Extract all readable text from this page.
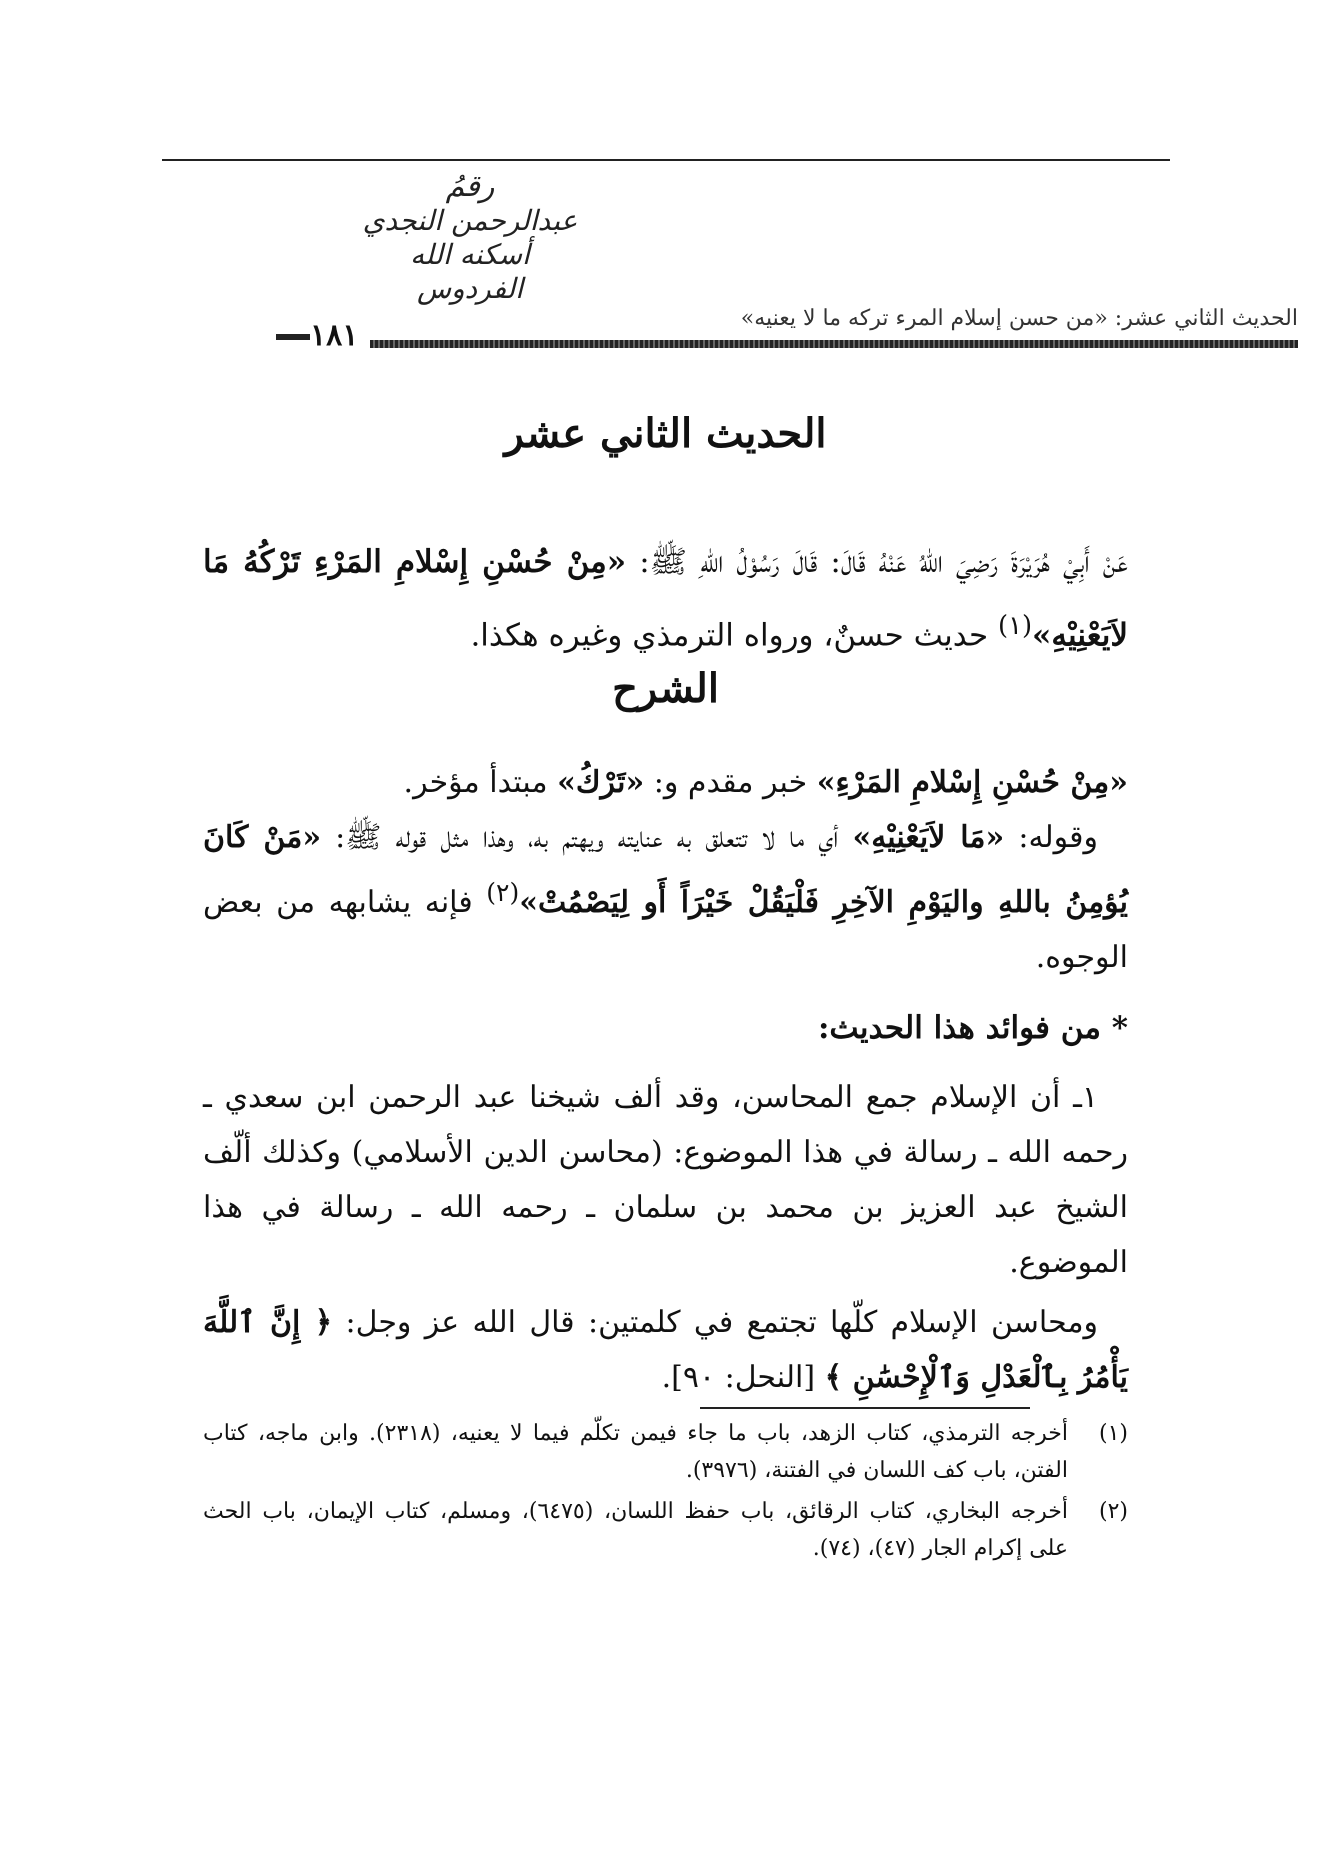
رقمُ
عبدالرحمن النجدي
أسكنه الله الفردوس
الحديث الثاني عشر: «من حسن إسلام المرء تركه ما لا يعنيه»
١٨١
الحديث الثاني عشر
عَنْ أَبِيْ هُرَيْرَةَ رَضِيَ اللهُ عَنْهُ قَالَ: قَالَ رَسُوْلُ اللهِ ﷺ: «مِنْ حُسْنِ إِسْلامِ المَرْءِ تَرْكُهُ مَا لاَيَعْنِيْهِ»$^{(١)}$ حديث حسنٌ، ورواه الترمذي وغيره هكذا.
الشرح
«مِنْ حُسْنِ إِسْلامِ المَرْءِ» خبر مقدم و: «تَرْكُ» مبتدأ مؤخر.
 وقوله: «مَا لاَيَعْنِيْهِ» أي ما لا تتعلق به عنايته ويهتم به، وهذا مثل قوله ﷺ: «مَنْ كَانَ يُؤمِنُ باللهِ واليَوْمِ الآخِرِ فَلْيَقُلْ خَيْرَاً أَو لِيَصْمُتْ»$^{(٢)}$ فإنه يشابهه من بعض الوجوه.
* من فوائد هذا الحديث:
 ١ـ أن الإسلام جمع المحاسن، وقد ألف شيخنا عبد الرحمن ابن سعدي ـ رحمه الله ـ رسالة في هذا الموضوع: (محاسن الدين الأسلامي) وكذلك ألّف الشيخ عبد العزيز بن محمد بن سلمان ـ رحمه الله ـ رسالة في هذا الموضوع.
 ومحاسن الإسلام كلّها تجتمع في كلمتين: قال الله عز وجل: ﴿ إِنَّ ٱللَّهَ يَأْمُرُ بِٱلْعَدْلِ وَٱلْإِحْسَٰنِ ﴾ [النحل: ٩٠].
(١)
أخرجه الترمذي، كتاب الزهد، باب ما جاء فيمن تكلّم فيما لا يعنيه، (٢٣١٨). وابن ماجه، كتاب الفتن، باب كف اللسان في الفتنة، (٣٩٧٦).
(٢)
أخرجه البخاري، كتاب الرقائق، باب حفظ اللسان، (٦٤٧٥)، ومسلم، كتاب الإيمان، باب الحث على إكرام الجار (٤٧)، (٧٤).
